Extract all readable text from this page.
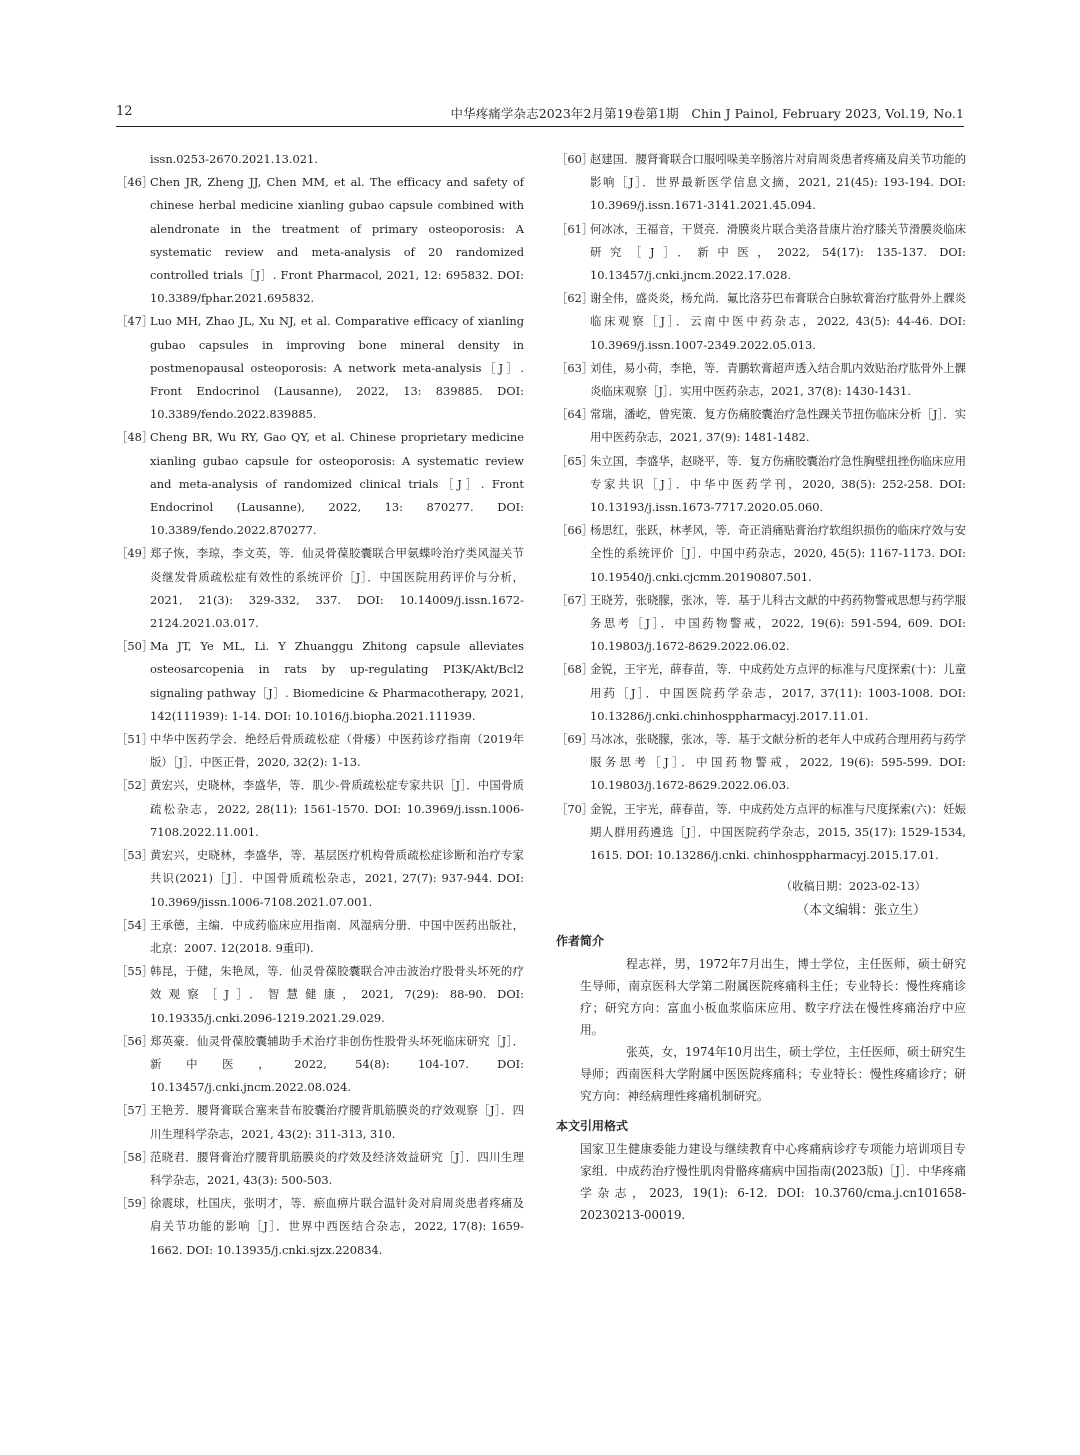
12	中华疼痛学杂志2023年2月第19卷第1期　Chin J Painol, February 2023, Vol.19, No.1
issn.0253-2670.2021.13.021.
［46］
Chen JR, Zheng JJ, Chen MM, et al. The efficacy and safety of chinese herbal medicine xianling gubao capsule combined with alendronate in the treatment of primary osteoporosis: A systematic review and meta-analysis of 20 randomized controlled trials［J］. Front Pharmacol, 2021, 12: 695832. DOI: 10.3389/fphar.2021.695832.
［47］
Luo MH, Zhao JL, Xu NJ, et al. Comparative efficacy of xianling gubao capsules in improving bone mineral density in postmenopausal osteoporosis: A network meta-analysis［J］. Front Endocrinol (Lausanne), 2022, 13: 839885. DOI: 10.3389/fendo.2022.839885.
［48］
Cheng BR, Wu RY, Gao QY, et al. Chinese proprietary medicine xianling gubao capsule for osteoporosis: A systematic review and meta-analysis of randomized clinical trials［J］. Front Endocrinol (Lausanne), 2022, 13: 870277. DOI: 10.3389/fendo.2022.870277.
［49］
郑子恢，李琼，李文英，等．仙灵骨葆胶囊联合甲氨蝶呤治疗类风湿关节炎继发骨质疏松症有效性的系统评价［J］．中国医院用药评价与分析，2021, 21(3): 329-332, 337. DOI: 10.14009/j.issn.1672-2124.2021.03.017.
［50］
Ma JT, Ye ML, Li. Y Zhuanggu Zhitong capsule alleviates osteosarcopenia in rats by up-regulating PI3K/Akt/Bcl2 signaling pathway［J］. Biomedicine & Pharmacotherapy, 2021, 142(111939): 1-14. DOI: 10.1016/j.biopha.2021.111939.
［51］
中华中医药学会．绝经后骨质疏松症（骨痿）中医药诊疗指南（2019年版）［J］．中医正骨，2020, 32(2): 1-13.
［52］
黄宏兴，史晓林，李盛华，等．肌少-骨质疏松症专家共识［J］．中国骨质疏松杂志，2022, 28(11): 1561-1570. DOI: 10.3969/j.issn.1006-7108.2022.11.001.
［53］
黄宏兴，史晓林，李盛华，等．基层医疗机构骨质疏松症诊断和治疗专家共识(2021)［J］．中国骨质疏松杂志，2021, 27(7): 937-944. DOI: 10.3969/jissn.1006-7108.2021.07.001.
［54］
王承德，主编．中成药临床应用指南．风湿病分册．中国中医药出版社，北京：2007. 12(2018. 9重印).
［55］
韩昆，于健，朱艳凤，等．仙灵骨葆胶囊联合冲击波治疗股骨头坏死的疗效观察［J］．智慧健康，2021, 7(29): 88-90. DOI: 10.19335/j.cnki.2096-1219.2021.29.029.
［56］
郑英豪．仙灵骨葆胶囊辅助手术治疗非创伤性股骨头坏死临床研究［J］．新中医，2022, 54(8): 104-107. DOI: 10.13457/j.cnki.jncm.2022.08.024.
［57］
王艳芳．腰肾膏联合塞来昔布胶囊治疗腰背肌筋膜炎的疗效观察［J］．四川生理科学杂志，2021, 43(2): 311-313, 310.
［58］
范晓君．腰肾膏治疗腰背肌筋膜炎的疗效及经济效益研究［J］．四川生理科学杂志，2021, 43(3): 500-503.
［59］
徐震球，杜国庆，张明才，等．瘀血痹片联合温针灸对肩周炎患者疼痛及肩关节功能的影响［J］．世界中西医结合杂志，2022, 17(8): 1659-1662. DOI: 10.13935/j.cnki.sjzx.220834.
［60］
赵建国．腰肾膏联合口服吲哚美辛肠溶片对肩周炎患者疼痛及肩关节功能的影响［J］．世界最新医学信息文摘，2021, 21(45): 193-194. DOI: 10.3969/j.issn.1671-3141.2021.45.094.
［61］
何冰冰，王福音，干贤亮．滑膜炎片联合美洛昔康片治疗膝关节滑膜炎临床研究［J］．新中医，2022, 54(17): 135-137. DOI: 10.13457/j.cnki.jncm.2022.17.028.
［62］
谢全伟，盛炎炎，杨允尚．氟比洛芬巴布膏联合白脉软膏治疗肱骨外上髁炎临床观察［J］．云南中医中药杂志，2022, 43(5): 44-46. DOI: 10.3969/j.issn.1007-2349.2022.05.013.
［63］
刘佳，易小荷，李艳，等．青鹏软膏超声透入结合肌内效贴治疗肱骨外上髁炎临床观察［J］．实用中医药杂志，2021, 37(8): 1430-1431.
［64］
常瑞，潘屹，曾宪策．复方伤痛胶囊治疗急性踝关节扭伤临床分析［J］．实用中医药杂志，2021, 37(9): 1481-1482.
［65］
朱立国，李盛华，赵晓平，等．复方伤痛胶囊治疗急性胸壁扭挫伤临床应用专家共识［J］．中华中医药学刊，2020, 38(5): 252-258. DOI: 10.13193/j.issn.1673-7717.2020.05.060.
［66］
杨思红，张跃，林孝风，等．奇正消痛贴膏治疗软组织损伤的临床疗效与安全性的系统评价［J］．中国中药杂志，2020, 45(5): 1167-1173. DOI: 10.19540/j.cnki.cjcmm.20190807.501.
［67］
王晓芳，张晓朦，张冰，等．基于儿科古文献的中药药物警戒思想与药学服务思考［J］．中国药物警戒，2022, 19(6): 591-594, 609. DOI: 10.19803/j.1672-8629.2022.06.02.
［68］
金锐，王宇光，薛春苗，等．中成药处方点评的标准与尺度探索(十)：儿童用药［J］．中国医院药学杂志，2017, 37(11): 1003-1008. DOI: 10.13286/j.cnki.chinhosppharmacyj.2017.11.01.
［69］
马冰冰，张晓朦，张冰，等．基于文献分析的老年人中成药合理用药与药学服务思考［J］．中国药物警戒，2022, 19(6): 595-599. DOI: 10.19803/j.1672-8629.2022.06.03.
［70］
金锐，王宇光，薛春苗，等．中成药处方点评的标准与尺度探索(六)：妊娠期人群用药遴选［J］．中国医院药学杂志，2015, 35(17): 1529-1534, 1615. DOI: 10.13286/j.cnki. chinhosppharmacyj.2015.17.01.
（收稿日期：2023-02-13）
（本文编辑：张立生）
作者简介
程志祥，男，1972年7月出生，博士学位，主任医师，硕士研究生导师，南京医科大学第二附属医院疼痛科主任；专业特长：慢性疼痛诊疗；研究方向：富血小板血浆临床应用、数字疗法在慢性疼痛治疗中应用。
张英，女，1974年10月出生，硕士学位，主任医师，硕士研究生导师；西南医科大学附属中医医院疼痛科；专业特长：慢性疼痛诊疗；研究方向：神经病理性疼痛机制研究。
本文引用格式
国家卫生健康委能力建设与继续教育中心疼痛病诊疗专项能力培训项目专家组．中成药治疗慢性肌肉骨骼疼痛病中国指南(2023版)［J］．中华疼痛学杂志，2023, 19(1): 6-12. DOI: 10.3760/cma.j.cn101658-20230213-00019.
